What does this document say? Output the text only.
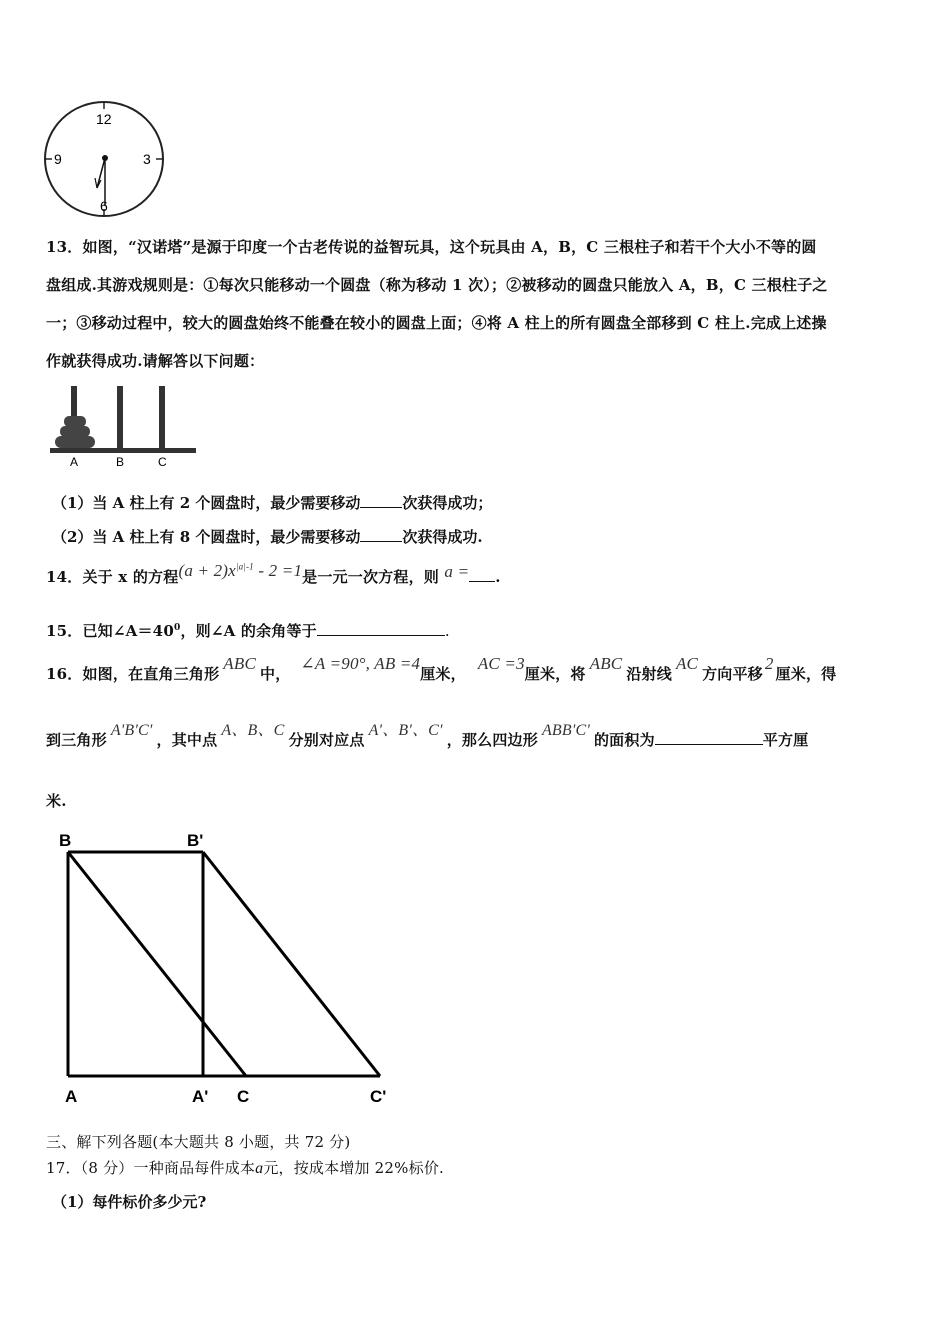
12
3
9
6
13．如图，“汉诺塔”是源于印度一个古老传说的益智玩具，这个玩具由 A，B，C 三根柱子和若干个大小不等的圆
盘组成.其游戏规则是：①每次只能移动一个圆盘（称为移动 1 次）；②被移动的圆盘只能放入 A，B，C 三根柱子之
一；③移动过程中，较大的圆盘始终不能叠在较小的圆盘上面；④将 A 柱上的所有圆盘全部移到 C 柱上.完成上述操
作就获得成功.请解答以下问题：
A	B	C
（1）当 A 柱上有 2 个圆盘时，最少需要移动	次获得成功；
（2）当 A 柱上有 8 个圆盘时，最少需要移动	次获得成功.
14．关于 x 的方程$(a + 2)x^{|a|-1} - 2 =1$是一元一次方程，则 a = .
15．已知$\angle A=40^0$，则∠A 的余角等于	.
16．如图，在直角三角形ABC中，∠A =90°, AB =4厘米，AC =3厘米，将ABC沿射线AC方向平移2厘米，得
到三角形A'B'C'，其中点A、B、C分别对应点A'、B'、C′，那么四边形ABB'C'的面积为	平方厘
米.
B	B'
A	A' C	C'
三、解下列各题(本大题共 8 小题，共 72 分)
17．（8 分）一种商品每件成本a元，按成本增加 22%标价.
（1）每件标价多少元?
